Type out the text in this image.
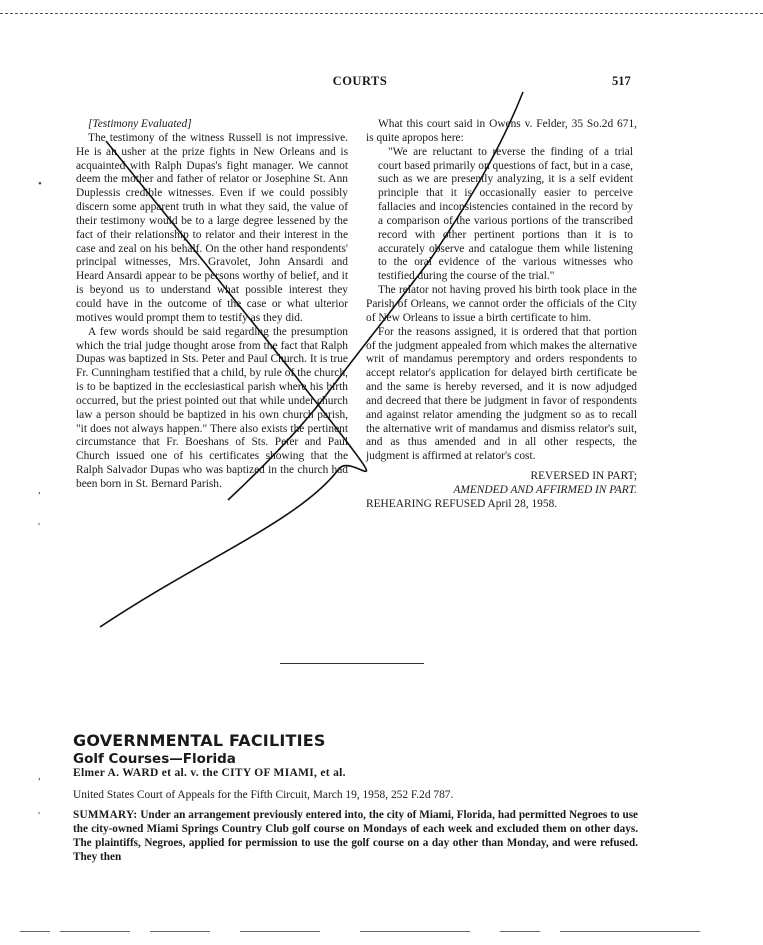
COURTS	517

[Testimony Evaluated]

The testimony of the witness Russell is not impressive. He is an usher at the prize fights in New Orleans and is acquainted with Ralph Dupas's fight manager. We cannot deem the mother and father of relator or Josephine St. Ann Duplessis credible witnesses. Even if we could possibly discern some apparent truth in what they said, the value of their testimony would be to a large degree lessened by the fact of their relationship to relator and their interest in the case and zeal on his behalf. On the other hand respondents' principal witnesses, Mrs. Gravolet, John Ansardi and Heard Ansardi appear to be persons worthy of belief, and it is beyond us to understand what possible interest they could have in the outcome of the case or what ulterior motives would prompt them to testify as they did.

A few words should be said regarding the presumption which the trial judge thought arose from the fact that Ralph Dupas was baptized in Sts. Peter and Paul Church. It is true Fr. Cunningham testified that a child, by rule of the church, is to be baptized in the ecclesiastical parish where his birth occurred, but the priest pointed out that while under church law a person should be baptized in his own church parish, "it does not always happen." There also exists the pertinent circumstance that Fr. Boeshans of Sts. Peter and Paul Church issued one of his certificates showing that the Ralph Salvador Dupas who was baptized in the church had been born in St. Bernard Parish.

What this court said in Owens v. Felder, 35 So.2d 671, is quite apropos here:

"We are reluctant to reverse the finding of a trial court based primarily on questions of fact, but in a case, such as we are presently analyzing, it is a self evident principle that it is occasionally easier to perceive fallacies and inconsistencies contained in the record by a comparison of the various portions of the transcribed record with other pertinent portions than it is to accurately observe and catalogue them while listening to the oral evidence of the various witnesses who testified during the course of the trial."

The relator not having proved his birth took place in the Parish of Orleans, we cannot order the officials of the City of New Orleans to issue a birth certificate to him.

For the reasons assigned, it is ordered that that portion of the judgment appealed from which makes the alternative writ of mandamus peremptory and orders respondents to accept relator's application for delayed birth certificate be and the same is hereby reversed, and it is now adjudged and decreed that there be judgment in favor of respondents and against relator amending the judgment so as to recall the alternative writ of mandamus and dismiss relator's suit, and as thus amended and in all other respects, the judgment is affirmed at relator's cost.

REVERSED IN PART;

AMENDED AND AFFIRMED IN PART.

REHEARING REFUSED April 28, 1958.

GOVERNMENTAL FACILITIES
Golf Courses—Florida
Elmer A. WARD et al. v. the CITY OF MIAMI, et al.
United States Court of Appeals for the Fifth Circuit, March 19, 1958, 252 F.2d 787.
SUMMARY: Under an arrangement previously entered into, the city of Miami, Florida, had permitted Negroes to use the city-owned Miami Springs Country Club golf course on Mondays of each week and excluded them on other days. The plaintiffs, Negroes, applied for permission to use the golf course on a day other than Monday, and were refused. They then
•
,
'
,
'
